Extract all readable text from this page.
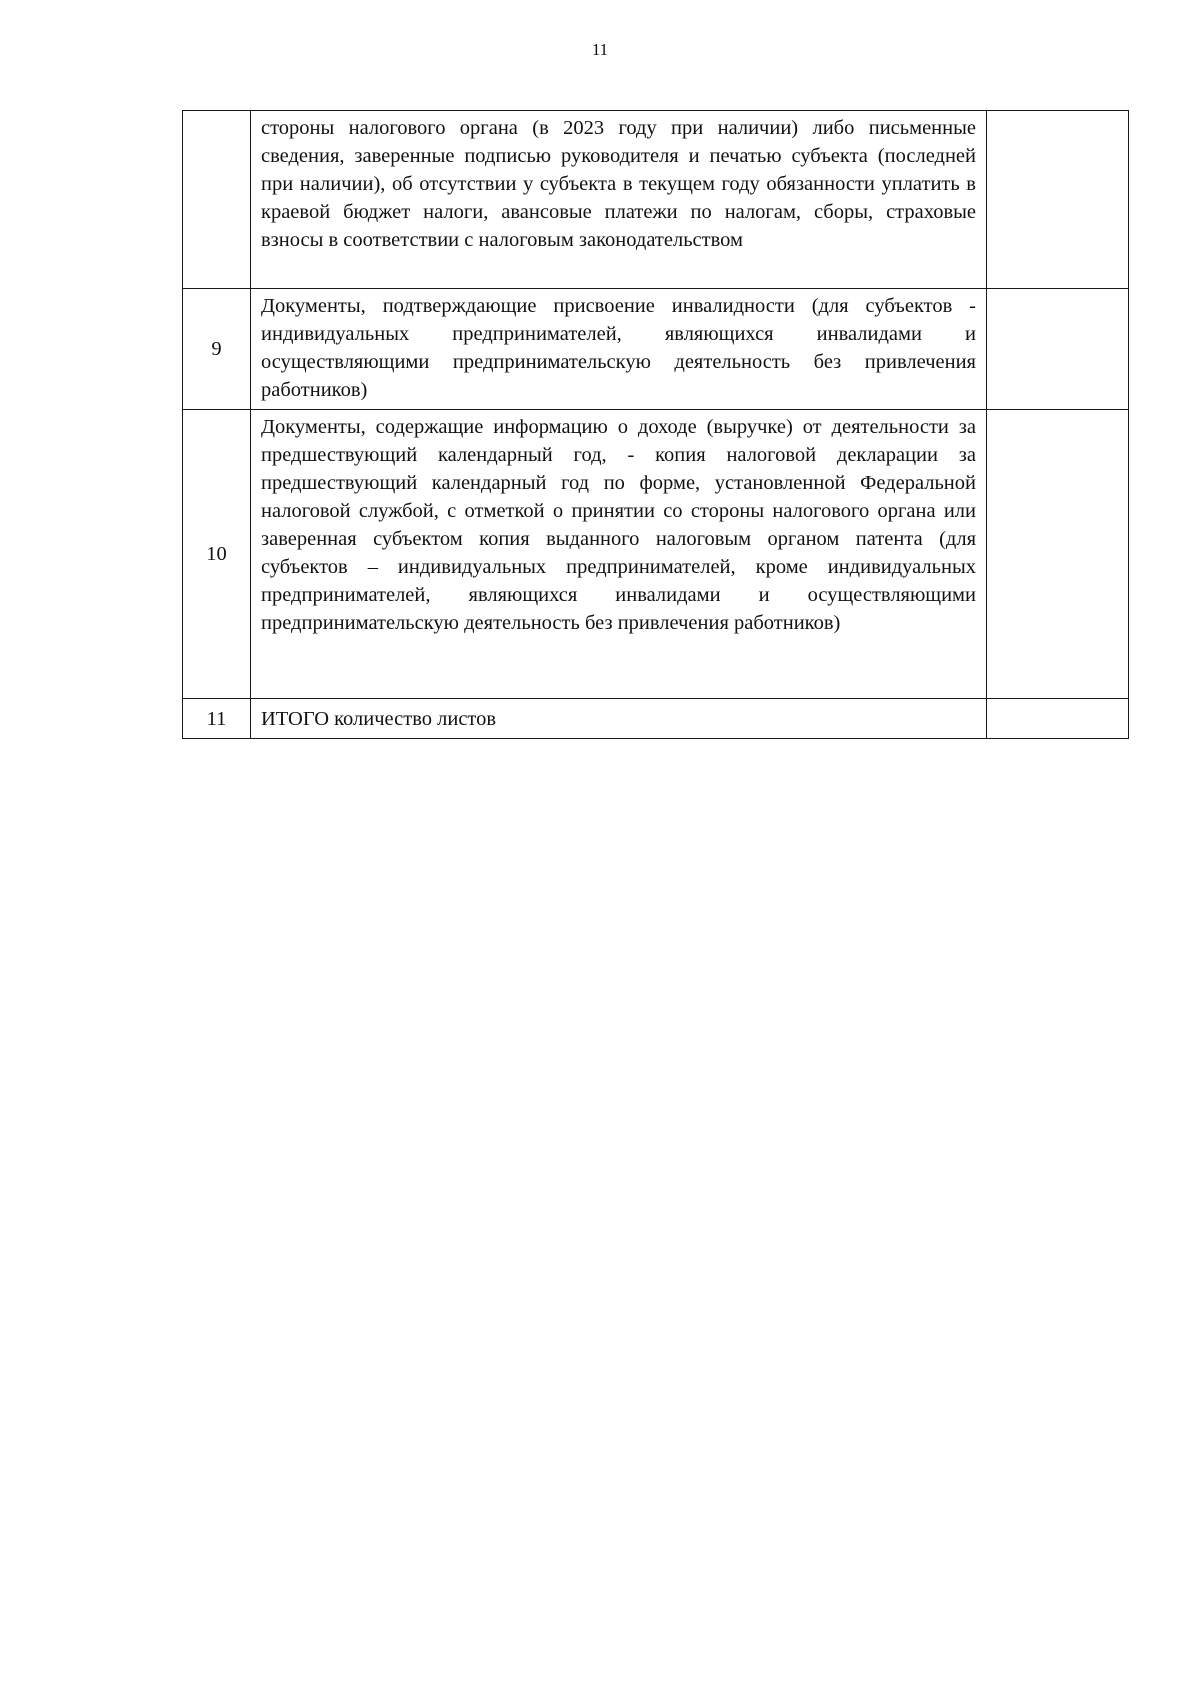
11
	стороны налогового органа (в 2023 году при наличии) либо письменные сведения, заверенные подписью руководителя и печатью субъекта (последней при наличии), об отсутствии у субъекта в текущем году обязанности уплатить в краевой бюджет налоги, авансовые платежи по налогам, сборы, страховые взносы в соответствии с налоговым законодательством	
9	Документы, подтверждающие присвоение инвалидности (для субъектов - индивидуальных предпринимателей, являющихся инвалидами и осуществляющими предпринимательскую деятельность без привлечения работников)	
10	Документы, содержащие информацию о доходе (выручке) от деятельности за предшествующий календарный год, - копия налоговой декларации за предшествующий календарный год по форме, установленной Федеральной налоговой службой, с отметкой о принятии со стороны налогового органа или заверенная субъектом копия выданного налоговым органом патента (для субъектов – индивидуальных предпринимателей, кроме индивидуальных предпринимателей, являющихся инвалидами и осуществляющими предпринимательскую деятельность без привлечения работников)	
11	ИТОГО количество листов	
